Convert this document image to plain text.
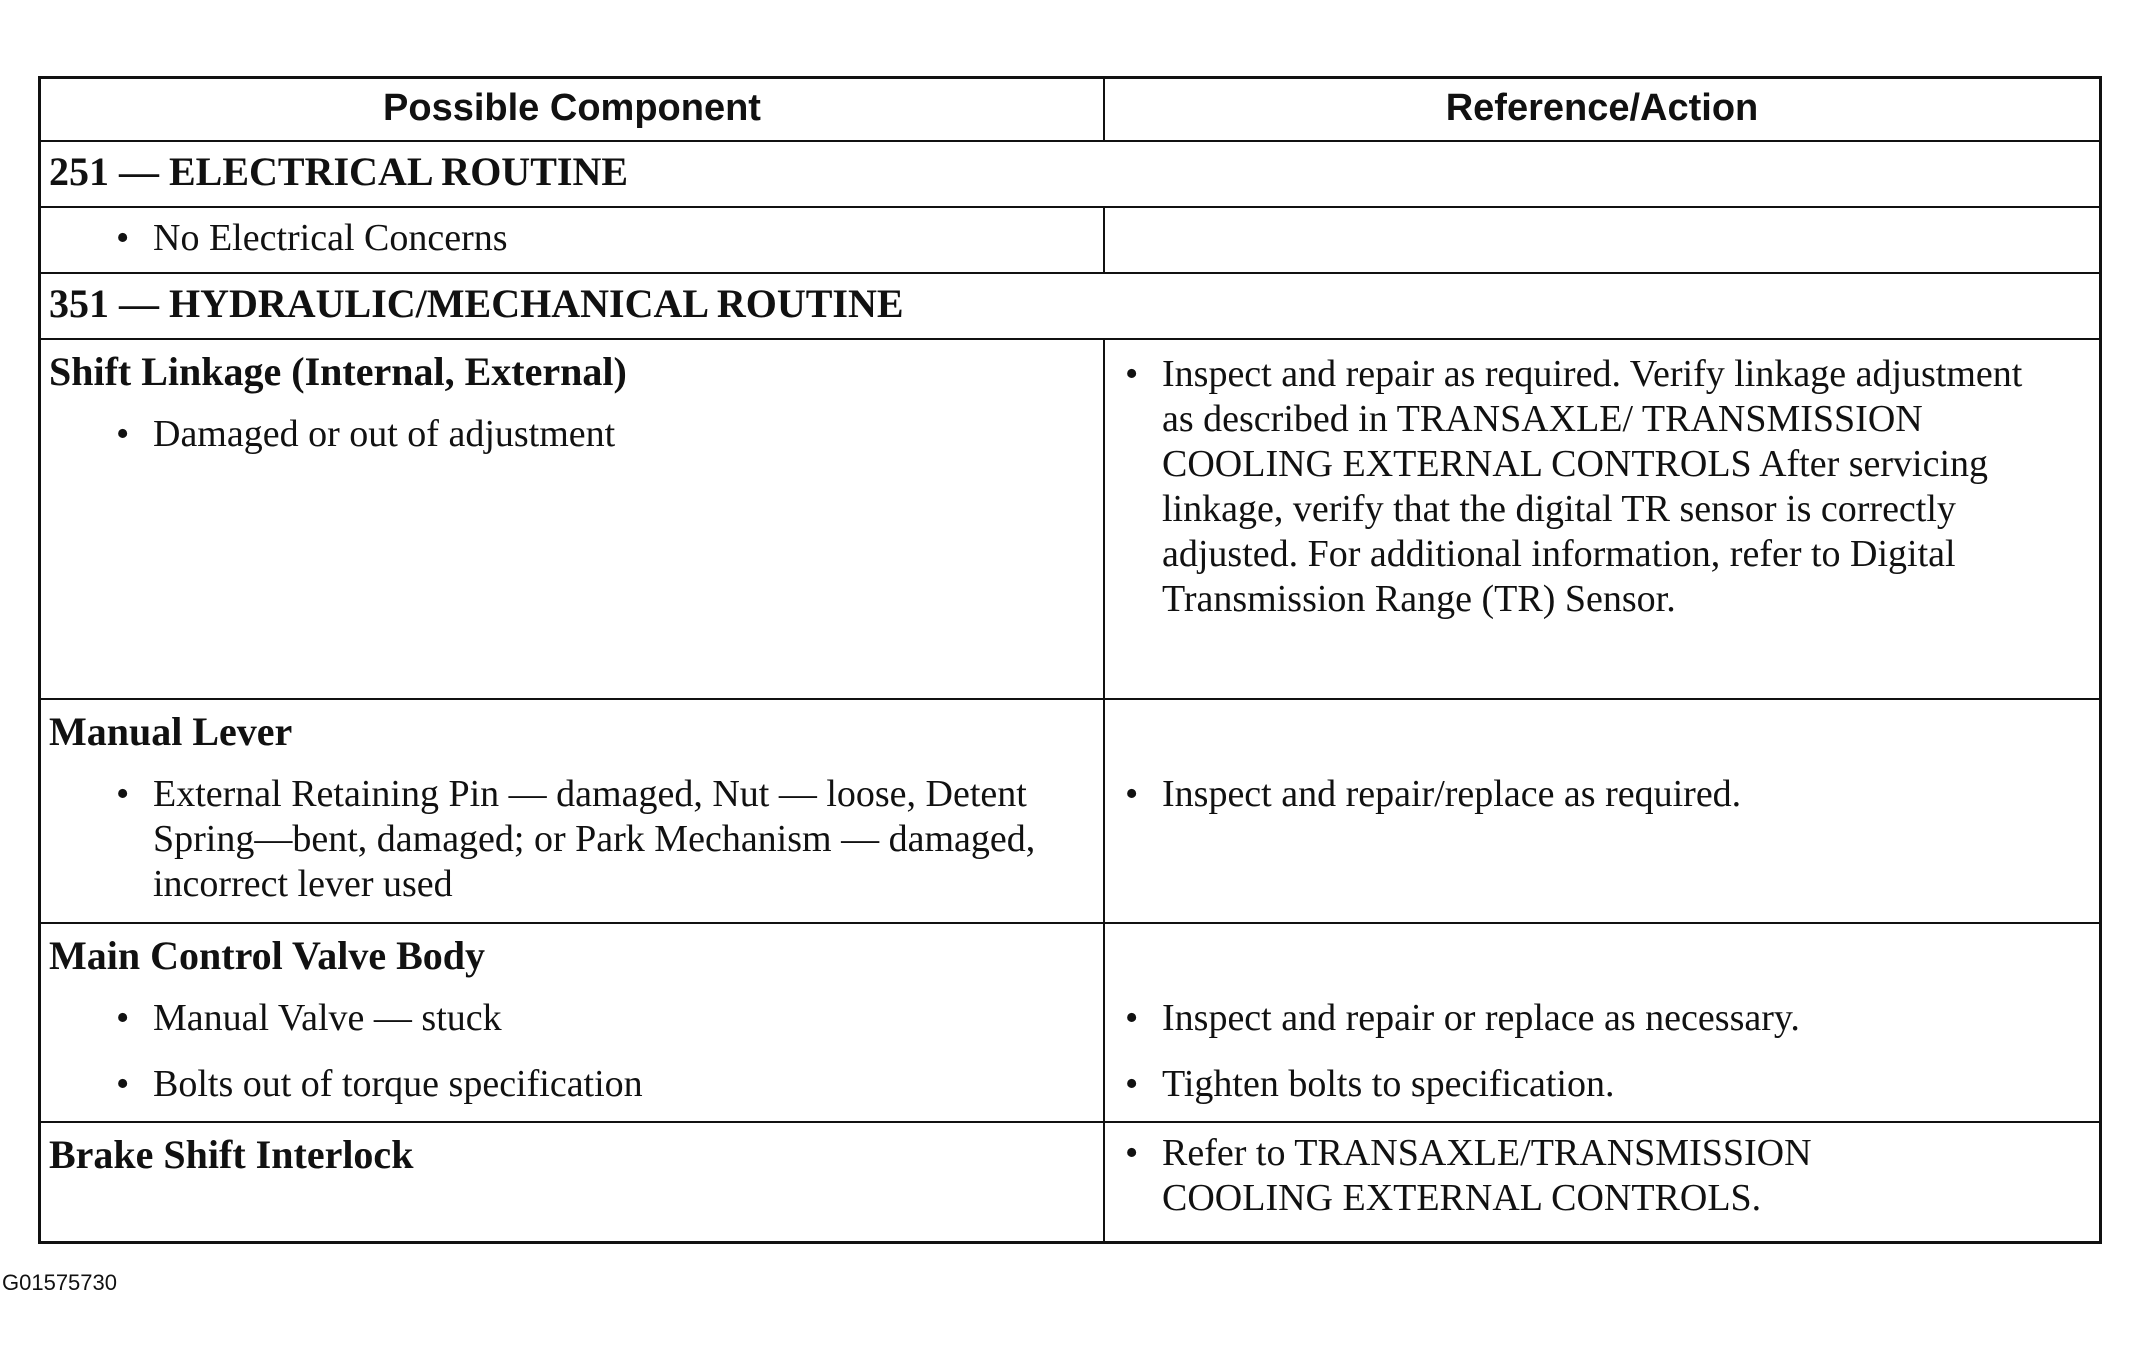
Possible Component	Reference/Action
251 — ELECTRICAL ROUTINE
• No Electrical Concerns
351 — HYDRAULIC/MECHANICAL ROUTINE
Shift Linkage (Internal, External)
• Damaged or out of adjustment
• Inspect and repair as required. Verify linkage adjustment as described in TRANSAXLE/ TRANSMISSION COOLING EXTERNAL CONTROLS After servicing linkage, verify that the digital TR sensor is correctly adjusted. For additional information, refer to Digital Transmission Range (TR) Sensor.
Manual Lever
• External Retaining Pin — damaged, Nut — loose, Detent Spring—bent, damaged; or Park Mechanism — damaged, incorrect lever used
• Inspect and repair/replace as required.
Main Control Valve Body
• Manual Valve — stuck
• Bolts out of torque specification
• Inspect and repair or replace as necessary.
• Tighten bolts to specification.
Brake Shift Interlock	• Refer to TRANSAXLE/TRANSMISSION COOLING EXTERNAL CONTROLS.
G01575730
